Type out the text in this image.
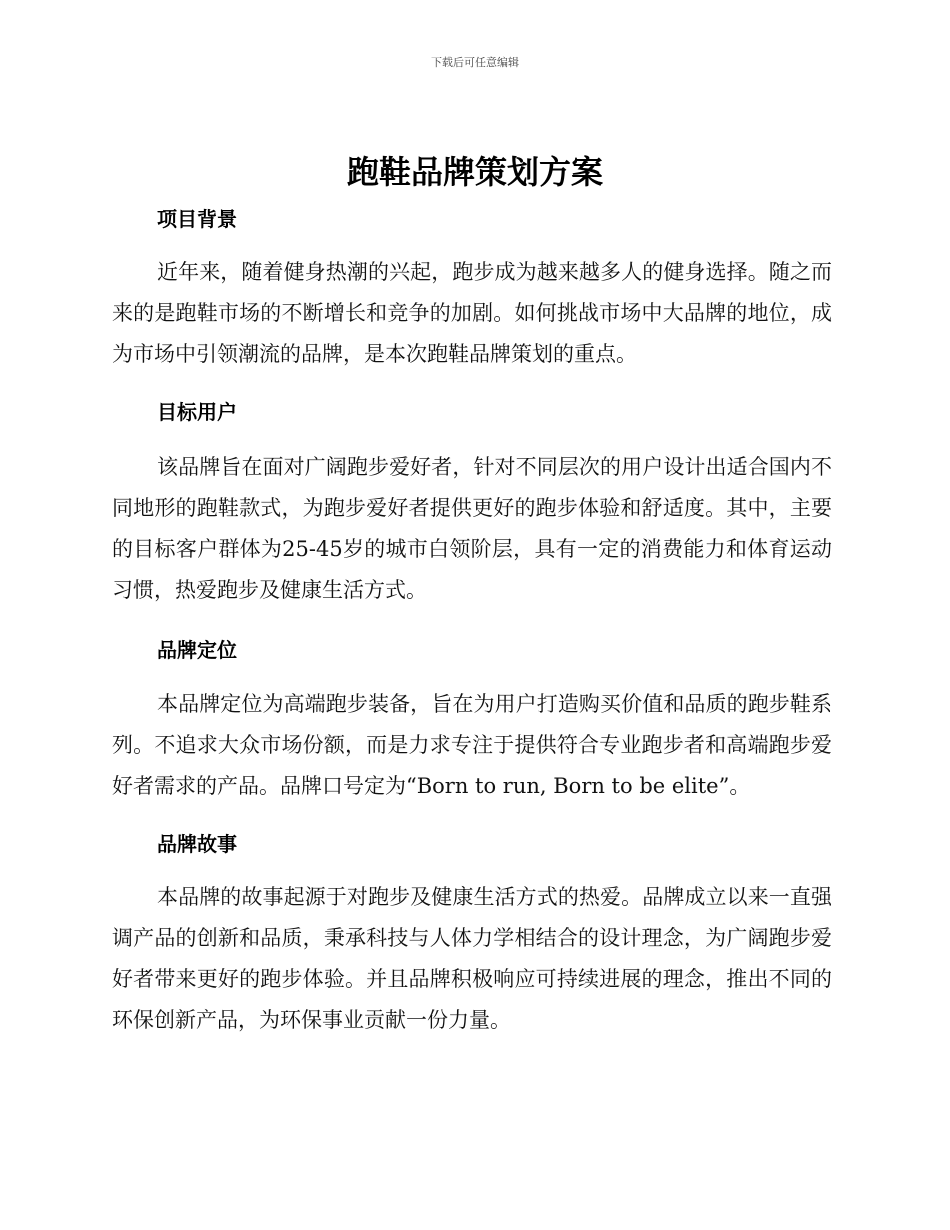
下载后可任意编辑
跑鞋品牌策划方案
项目背景

近年来，随着健身热潮的兴起，跑步成为越来越多人的健身选择。随之而来的是跑鞋市场的不断增长和竞争的加剧。如何挑战市场中大品牌的地位，成为市场中引领潮流的品牌，是本次跑鞋品牌策划的重点。

目标用户

该品牌旨在面对广阔跑步爱好者，针对不同层次的用户设计出适合国内不同地形的跑鞋款式，为跑步爱好者提供更好的跑步体验和舒适度。其中，主要的目标客户群体为25-45岁的城市白领阶层，具有一定的消费能力和体育运动习惯，热爱跑步及健康生活方式。

品牌定位

本品牌定位为高端跑步装备，旨在为用户打造购买价值和品质的跑步鞋系列。不追求大众市场份额，而是力求专注于提供符合专业跑步者和高端跑步爱好者需求的产品。品牌口号定为“Born to run, Born to be elite”。

品牌故事

本品牌的故事起源于对跑步及健康生活方式的热爱。品牌成立以来一直强调产品的创新和品质，秉承科技与人体力学相结合的设计理念，为广阔跑步爱好者带来更好的跑步体验。并且品牌积极响应可持续进展的理念，推出不同的环保创新产品，为环保事业贡献一份力量。
